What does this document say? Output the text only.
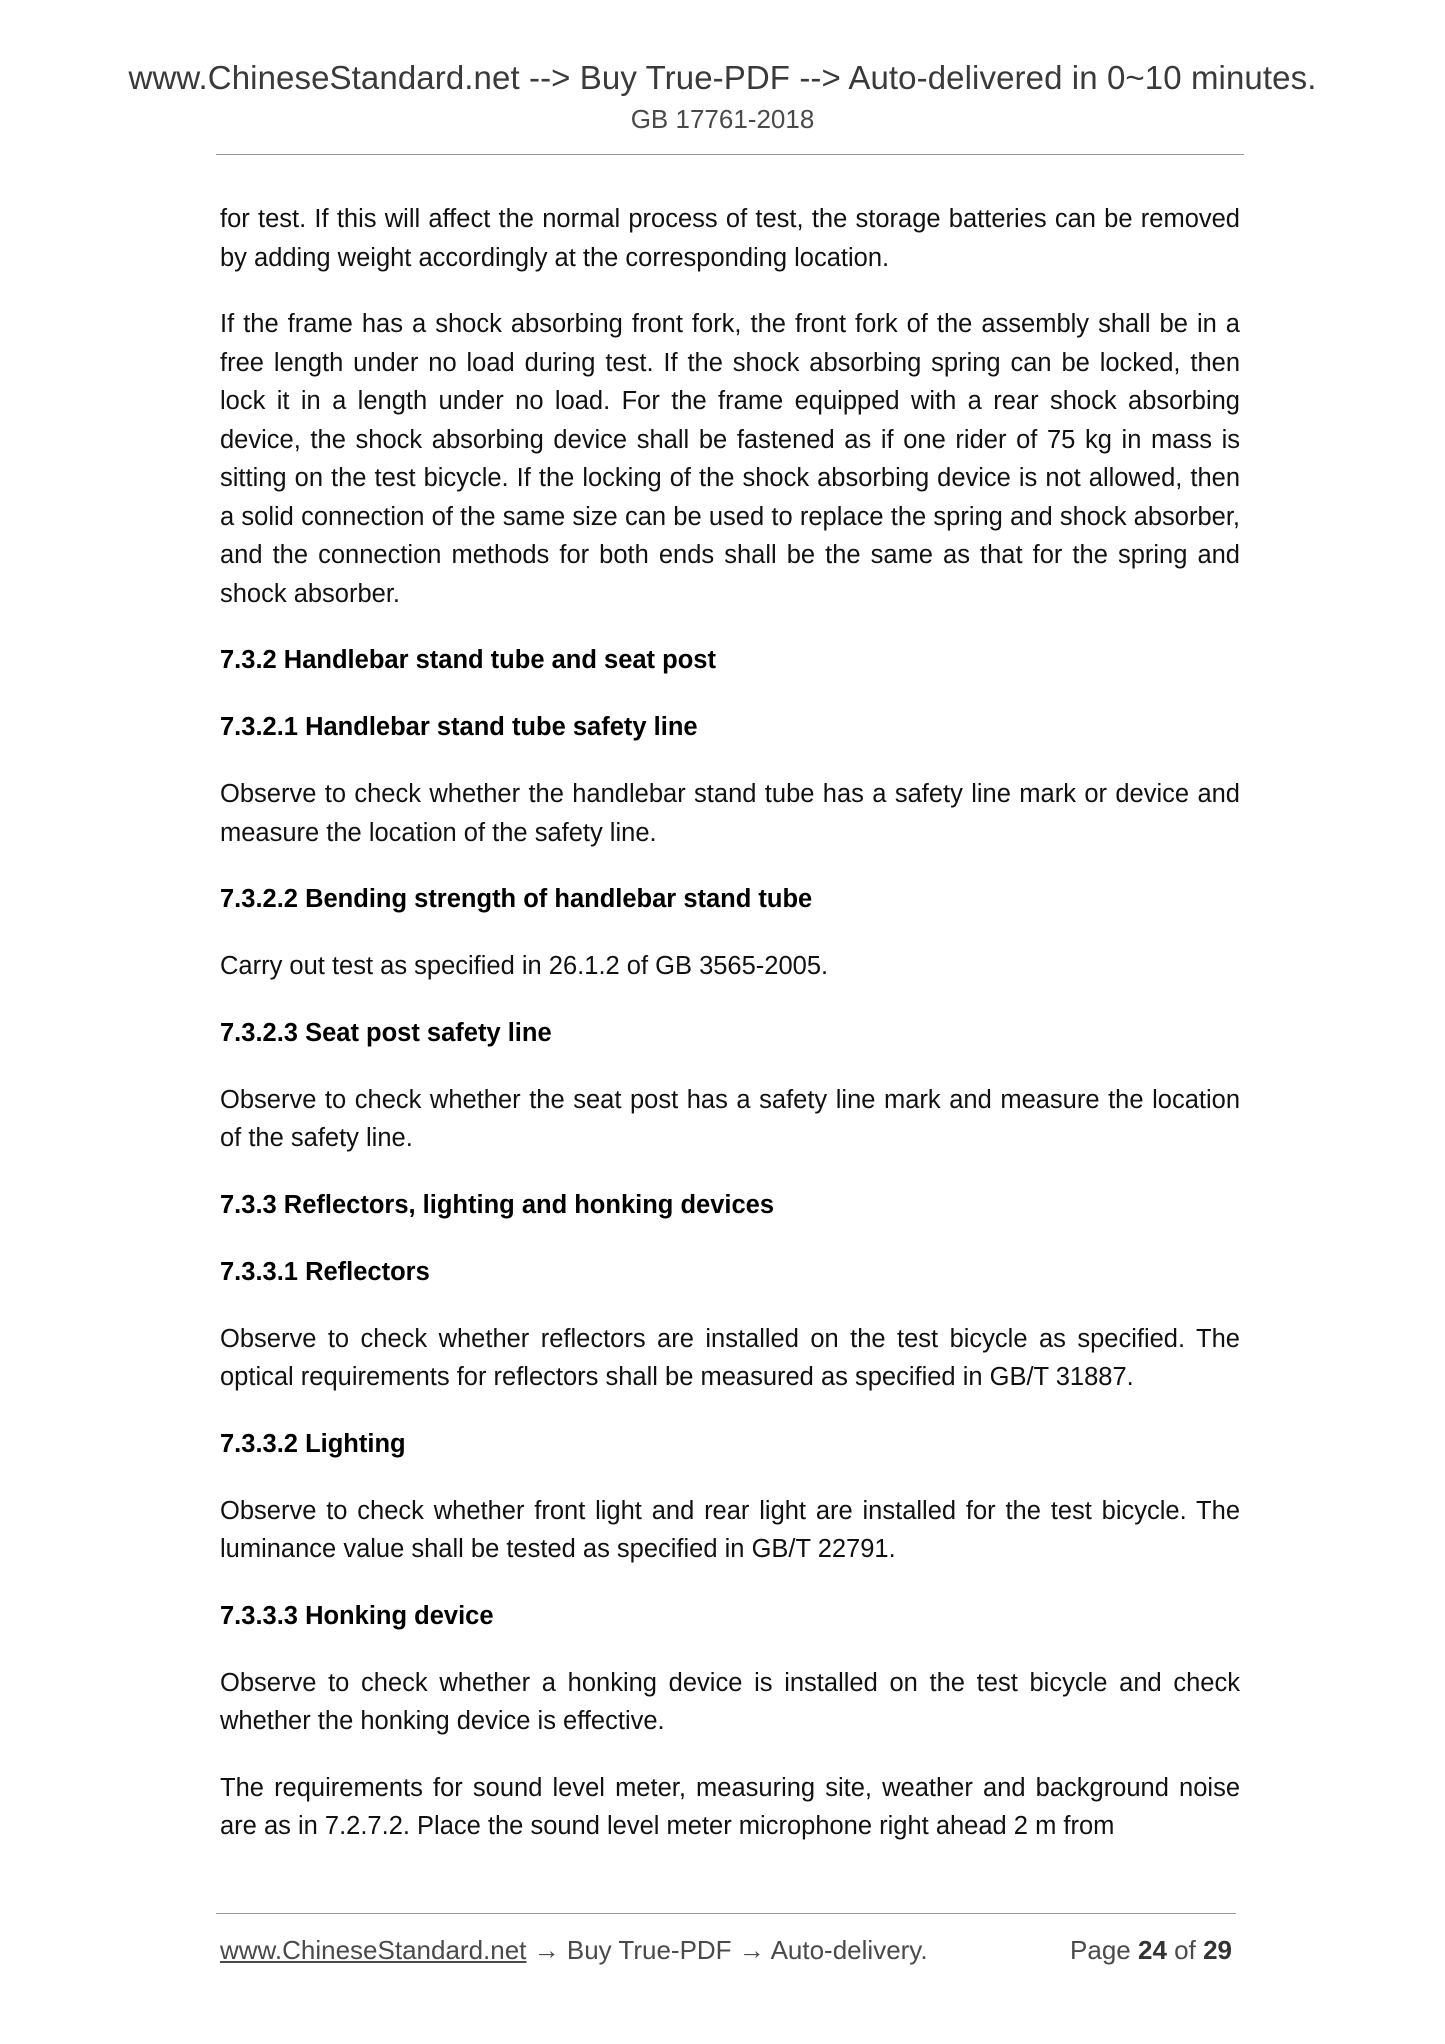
www.ChineseStandard.net --> Buy True-PDF --> Auto-delivered in 0~10 minutes.
GB 17761-2018

for test. If this will affect the normal process of test, the storage batteries can be removed by adding weight accordingly at the corresponding location.

If the frame has a shock absorbing front fork, the front fork of the assembly shall be in a free length under no load during test. If the shock absorbing spring can be locked, then lock it in a length under no load. For the frame equipped with a rear shock absorbing device, the shock absorbing device shall be fastened as if one rider of 75 kg in mass is sitting on the test bicycle. If the locking of the shock absorbing device is not allowed, then a solid connection of the same size can be used to replace the spring and shock absorber, and the connection methods for both ends shall be the same as that for the spring and shock absorber.

7.3.2 Handlebar stand tube and seat post
7.3.2.1 Handlebar stand tube safety line

Observe to check whether the handlebar stand tube has a safety line mark or device and measure the location of the safety line.

7.3.2.2 Bending strength of handlebar stand tube

Carry out test as specified in 26.1.2 of GB 3565-2005.

7.3.2.3 Seat post safety line

Observe to check whether the seat post has a safety line mark and measure the location of the safety line.

7.3.3 Reflectors, lighting and honking devices
7.3.3.1 Reflectors

Observe to check whether reflectors are installed on the test bicycle as specified. The optical requirements for reflectors shall be measured as specified in GB/T 31887.

7.3.3.2 Lighting

Observe to check whether front light and rear light are installed for the test bicycle. The luminance value shall be tested as specified in GB/T 22791.

7.3.3.3 Honking device

Observe to check whether a honking device is installed on the test bicycle and check whether the honking device is effective.

The requirements for sound level meter, measuring site, weather and background noise are as in 7.2.7.2. Place the sound level meter microphone right ahead 2 m from

www.ChineseStandard.net → Buy True-PDF → Auto-delivery.	Page 24 of 29
